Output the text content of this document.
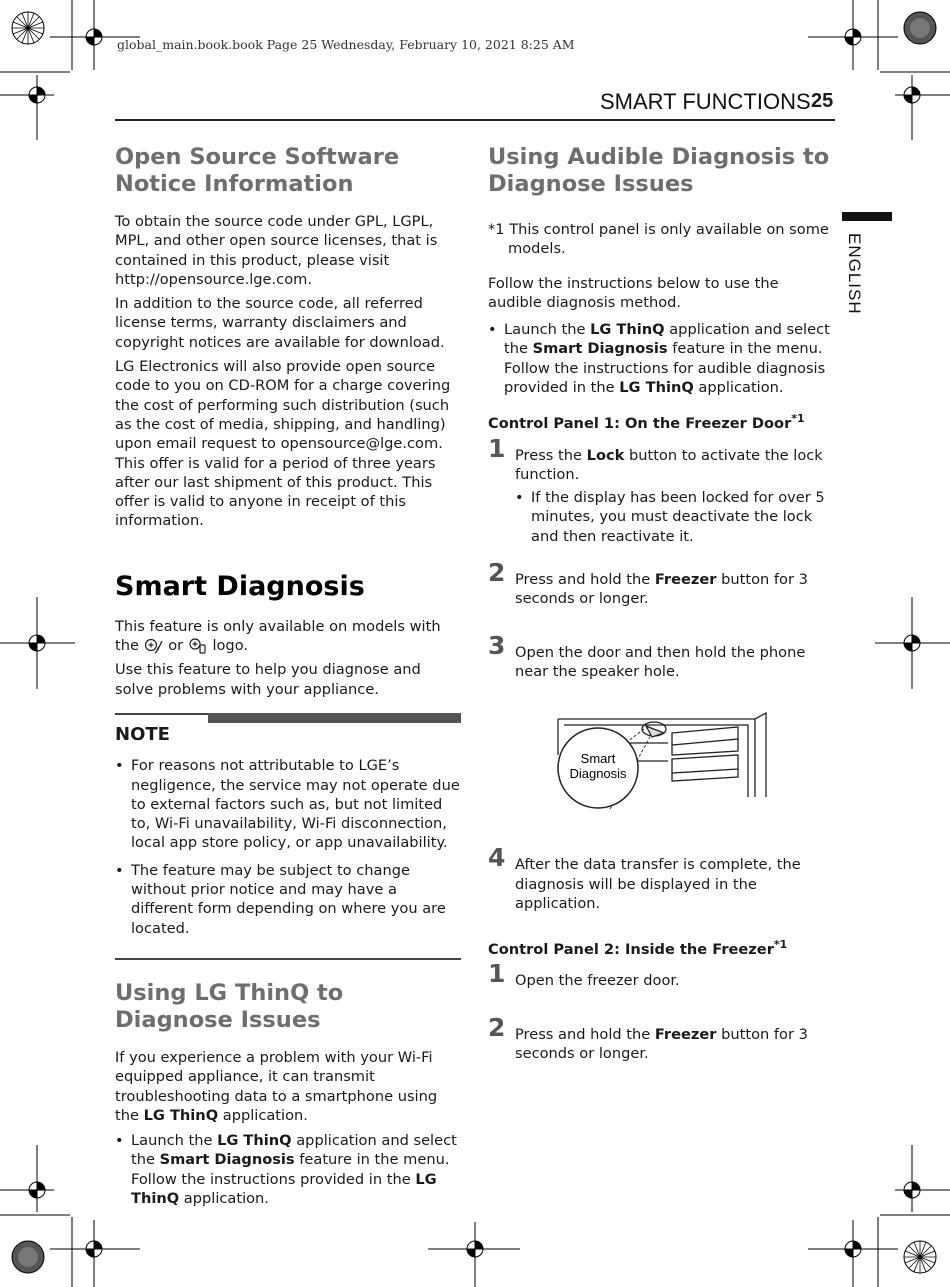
global_main.book.book Page 25 Wednesday, February 10, 2021 8:25 AM
SMART FUNCTIONS 25
ENGLISH
Open Source Software Notice Information

To obtain the source code under GPL, LGPL, MPL, and other open source licenses, that is contained in this product, please visit http://opensource.lge.com.

In addition to the source code, all referred license terms, warranty disclaimers and copyright notices are available for download.

LG Electronics will also provide open source code to you on CD-ROM for a charge covering the cost of performing such distribution (such as the cost of media, shipping, and handling) upon email request to opensource@lge.com. This offer is valid for a period of three years after our last shipment of this product. This offer is valid to anyone in receipt of this information.

Smart Diagnosis

This feature is only available on models with the or logo.

Use this feature to help you diagnose and solve problems with your appliance.

NOTE
• For reasons not attributable to LGE’s negligence, the service may not operate due to external factors such as, but not limited to, Wi-Fi unavailability, Wi-Fi disconnection, local app store policy, or app unavailability.
• The feature may be subject to change without prior notice and may have a different form depending on where you are located.
Using LG ThinQ to Diagnose Issues

If you experience a problem with your Wi-Fi equipped appliance, it can transmit troubleshooting data to a smartphone using the LG ThinQ application.

• Launch the LG ThinQ application and select the Smart Diagnosis feature in the menu. Follow the instructions provided in the LG ThinQ application.
Using Audible Diagnosis to Diagnose Issues

*1 This control panel is only available on some models.

Follow the instructions below to use the audible diagnosis method.

• Launch the LG ThinQ application and select the Smart Diagnosis feature in the menu. Follow the instructions for audible diagnosis provided in the LG ThinQ application.

Control Panel 1: On the Freezer Door$^{*1}$

1 Press the Lock button to activate the lock function.
• If the display has been locked for over 5 minutes, you must deactivate the lock and then reactivate it.
2 Press and hold the Freezer button for 3 seconds or longer.
3 Open the door and then hold the phone near the speaker hole.
Smart
Diagnosis
4 After the data transfer is complete, the diagnosis will be displayed in the application.

Control Panel 2: Inside the Freezer$^{*1}$

1 Open the freezer door.
2 Press and hold the Freezer button for 3 seconds or longer.
